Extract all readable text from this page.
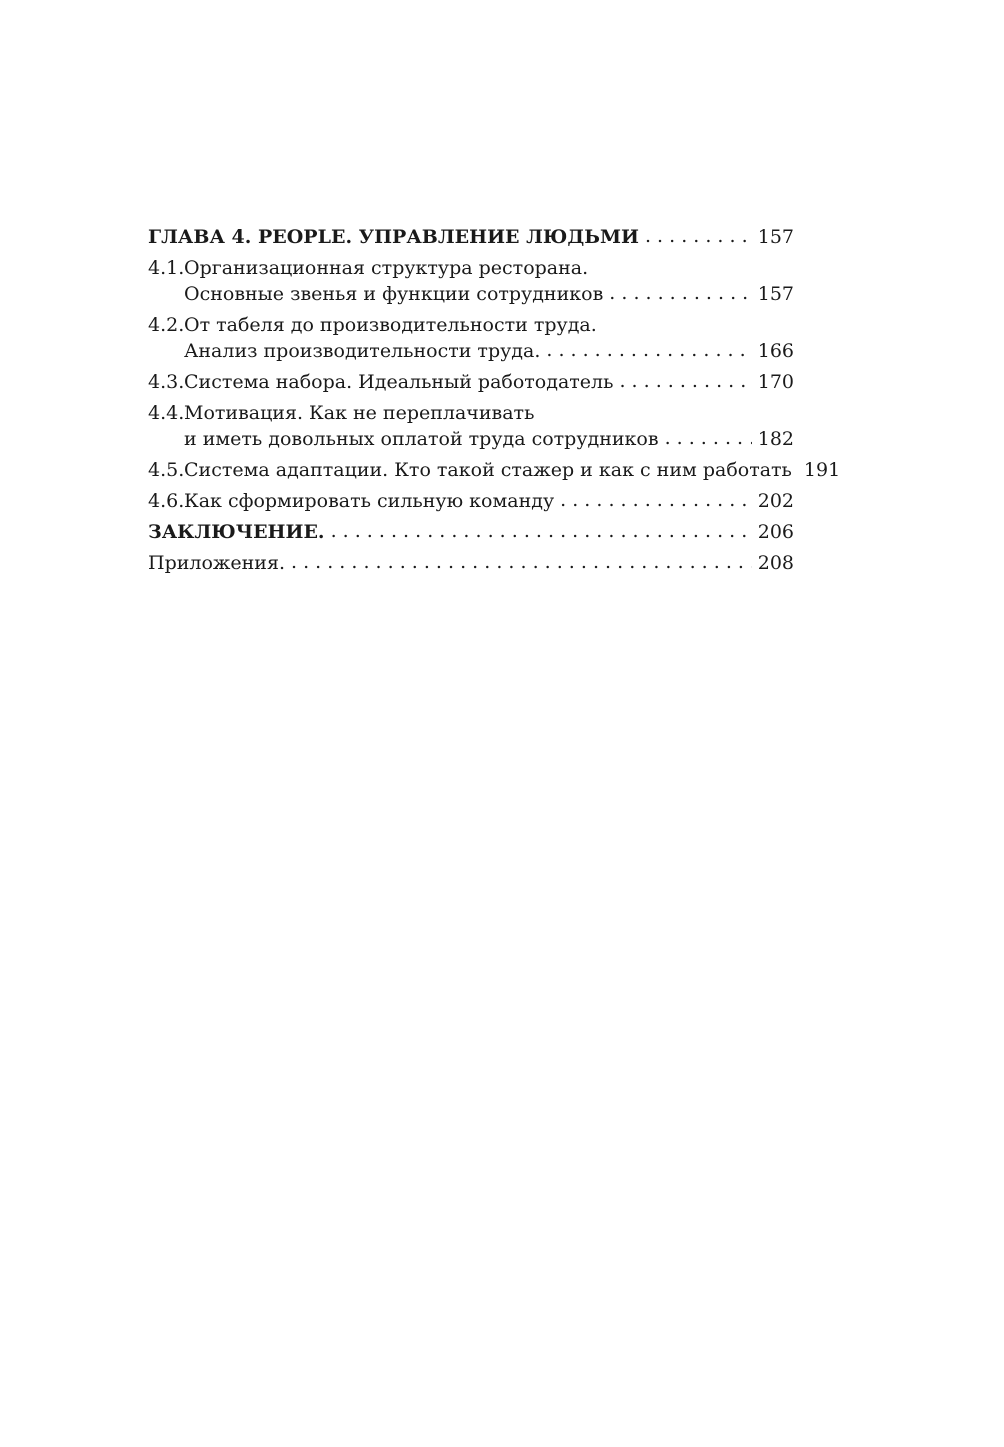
ГЛАВА 4. PEOPLE. УПРАВЛЕНИЕ ЛЮДЬМИ . . .	157
4.1. Организационная структура ресторана.
Основные звенья и функции сотрудников . . .	157
4.2. От табеля до производительности труда.
Анализ производительности труда. . . .	166
4.3. Система набора. Идеальный работодатель . . .	170
4.4. Мотивация. Как не переплачивать
и иметь довольных оплатой труда сотрудников . . .	182
4.5. Система адаптации. Кто такой стажер и как с ним работать 191
4.6. Как сформировать сильную команду . . .	202
ЗАКЛЮЧЕНИЕ. . . .	206
Приложения. . . .	208
